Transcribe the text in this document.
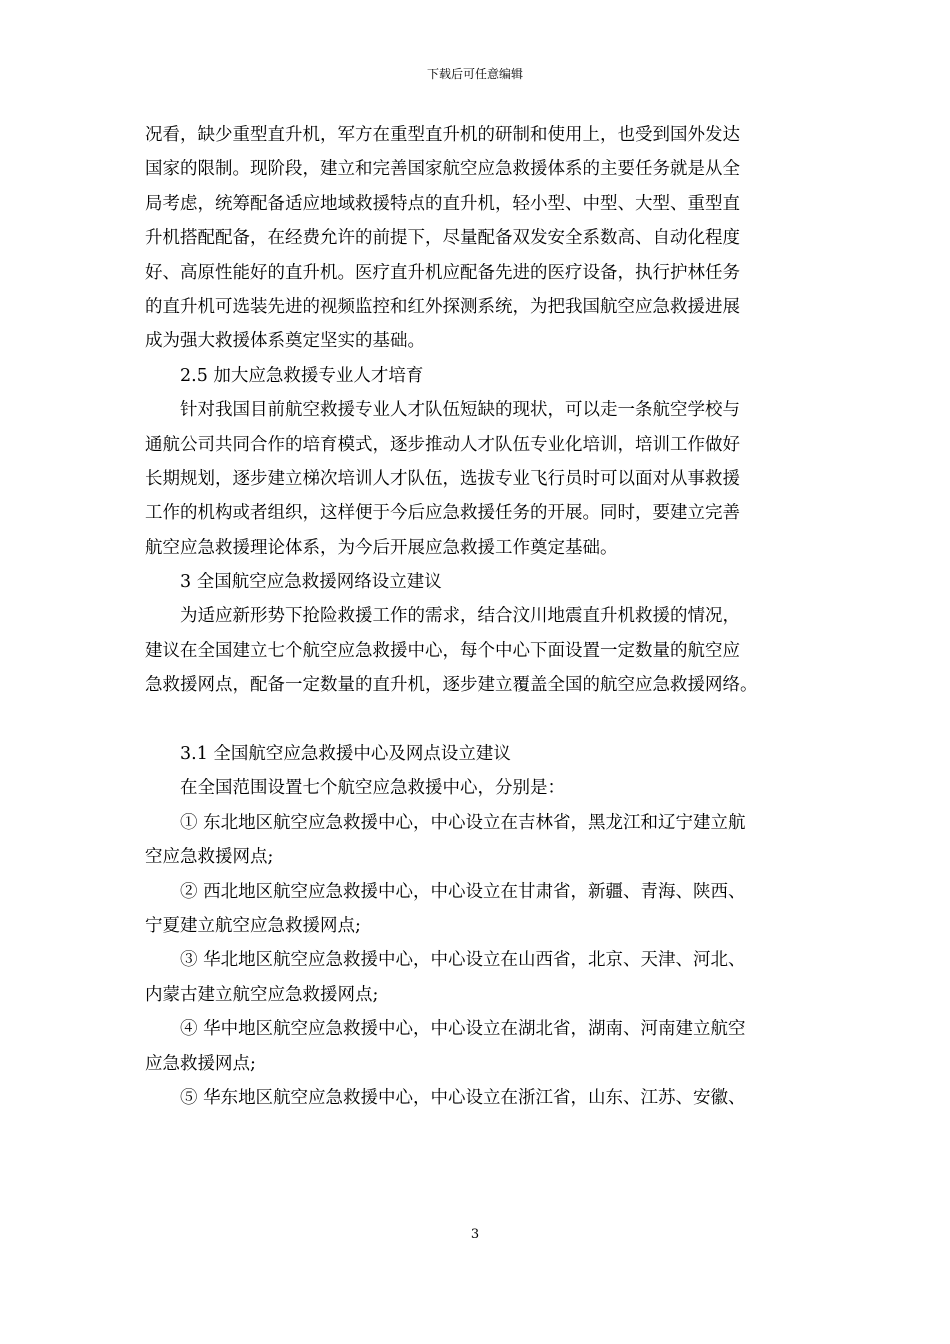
下载后可任意编辑
况看，缺少重型直升机，军方在重型直升机的研制和使用上，也受到国外发达
国家的限制。现阶段，建立和完善国家航空应急救援体系的主要任务就是从全
局考虑，统筹配备适应地域救援特点的直升机，轻小型、中型、大型、重型直
升机搭配配备，在经费允许的前提下，尽量配备双发安全系数高、自动化程度
好、高原性能好的直升机。医疗直升机应配备先进的医疗设备，执行护林任务
的直升机可选装先进的视频监控和红外探测系统，为把我国航空应急救援进展
成为强大救援体系奠定坚实的基础。
2.5 加大应急救援专业人才培育
针对我国目前航空救援专业人才队伍短缺的现状，可以走一条航空学校与
通航公司共同合作的培育模式，逐步推动人才队伍专业化培训，培训工作做好
长期规划，逐步建立梯次培训人才队伍，选拔专业飞行员时可以面对从事救援
工作的机构或者组织，这样便于今后应急救援任务的开展。同时，要建立完善
航空应急救援理论体系，为今后开展应急救援工作奠定基础。
3 全国航空应急救援网络设立建议
为适应新形势下抢险救援工作的需求，结合汶川地震直升机救援的情况，
建议在全国建立七个航空应急救援中心，每个中心下面设置一定数量的航空应
急救援网点，配备一定数量的直升机，逐步建立覆盖全国的航空应急救援网络。
3.1 全国航空应急救援中心及网点设立建议
在全国范围设置七个航空应急救援中心，分别是：
① 东北地区航空应急救援中心，中心设立在吉林省，黑龙江和辽宁建立航
空应急救援网点;
② 西北地区航空应急救援中心，中心设立在甘肃省，新疆、青海、陕西、
宁夏建立航空应急救援网点;
③ 华北地区航空应急救援中心，中心设立在山西省，北京、天津、河北、
内蒙古建立航空应急救援网点;
④ 华中地区航空应急救援中心，中心设立在湖北省，湖南、河南建立航空
应急救援网点;
⑤ 华东地区航空应急救援中心，中心设立在浙江省，山东、江苏、安徽、
3
